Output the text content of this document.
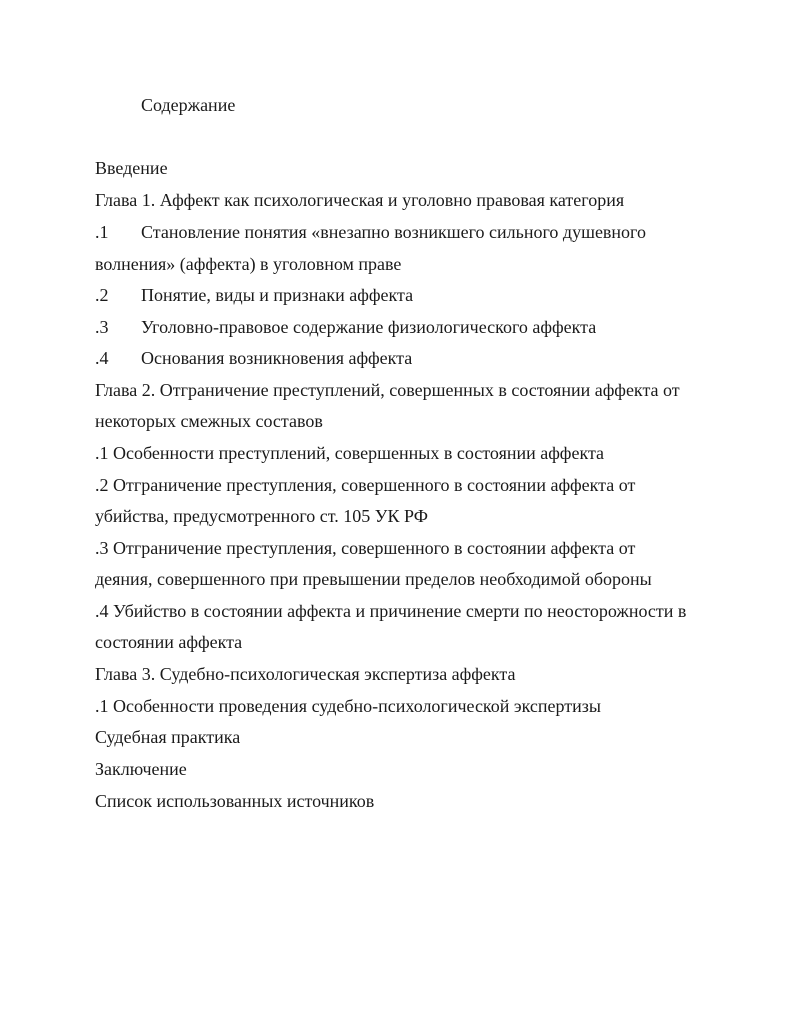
Содержание
Введение
Глава 1. Аффект как психологическая и уголовно правовая категория
.1 Становление понятия «внезапно возникшего сильного душевного
волнения» (аффекта) в уголовном праве
.2 Понятие, виды и признаки аффекта
.3 Уголовно-правовое содержание физиологического аффекта
.4 Основания возникновения аффекта
Глава 2. Отграничение преступлений, совершенных в состоянии аффекта от
некоторых смежных составов
.1 Особенности преступлений, совершенных в состоянии аффекта
.2 Отграничение преступления, совершенного в состоянии аффекта от
убийства, предусмотренного ст. 105 УК РФ
.3 Отграничение преступления, совершенного в состоянии аффекта от
деяния, совершенного при превышении пределов необходимой обороны
.4 Убийство в состоянии аффекта и причинение смерти по неосторожности в
состоянии аффекта
Глава 3. Судебно-психологическая экспертиза аффекта
.1 Особенности проведения судебно-психологической экспертизы
Судебная практика
Заключение
Список использованных источников
